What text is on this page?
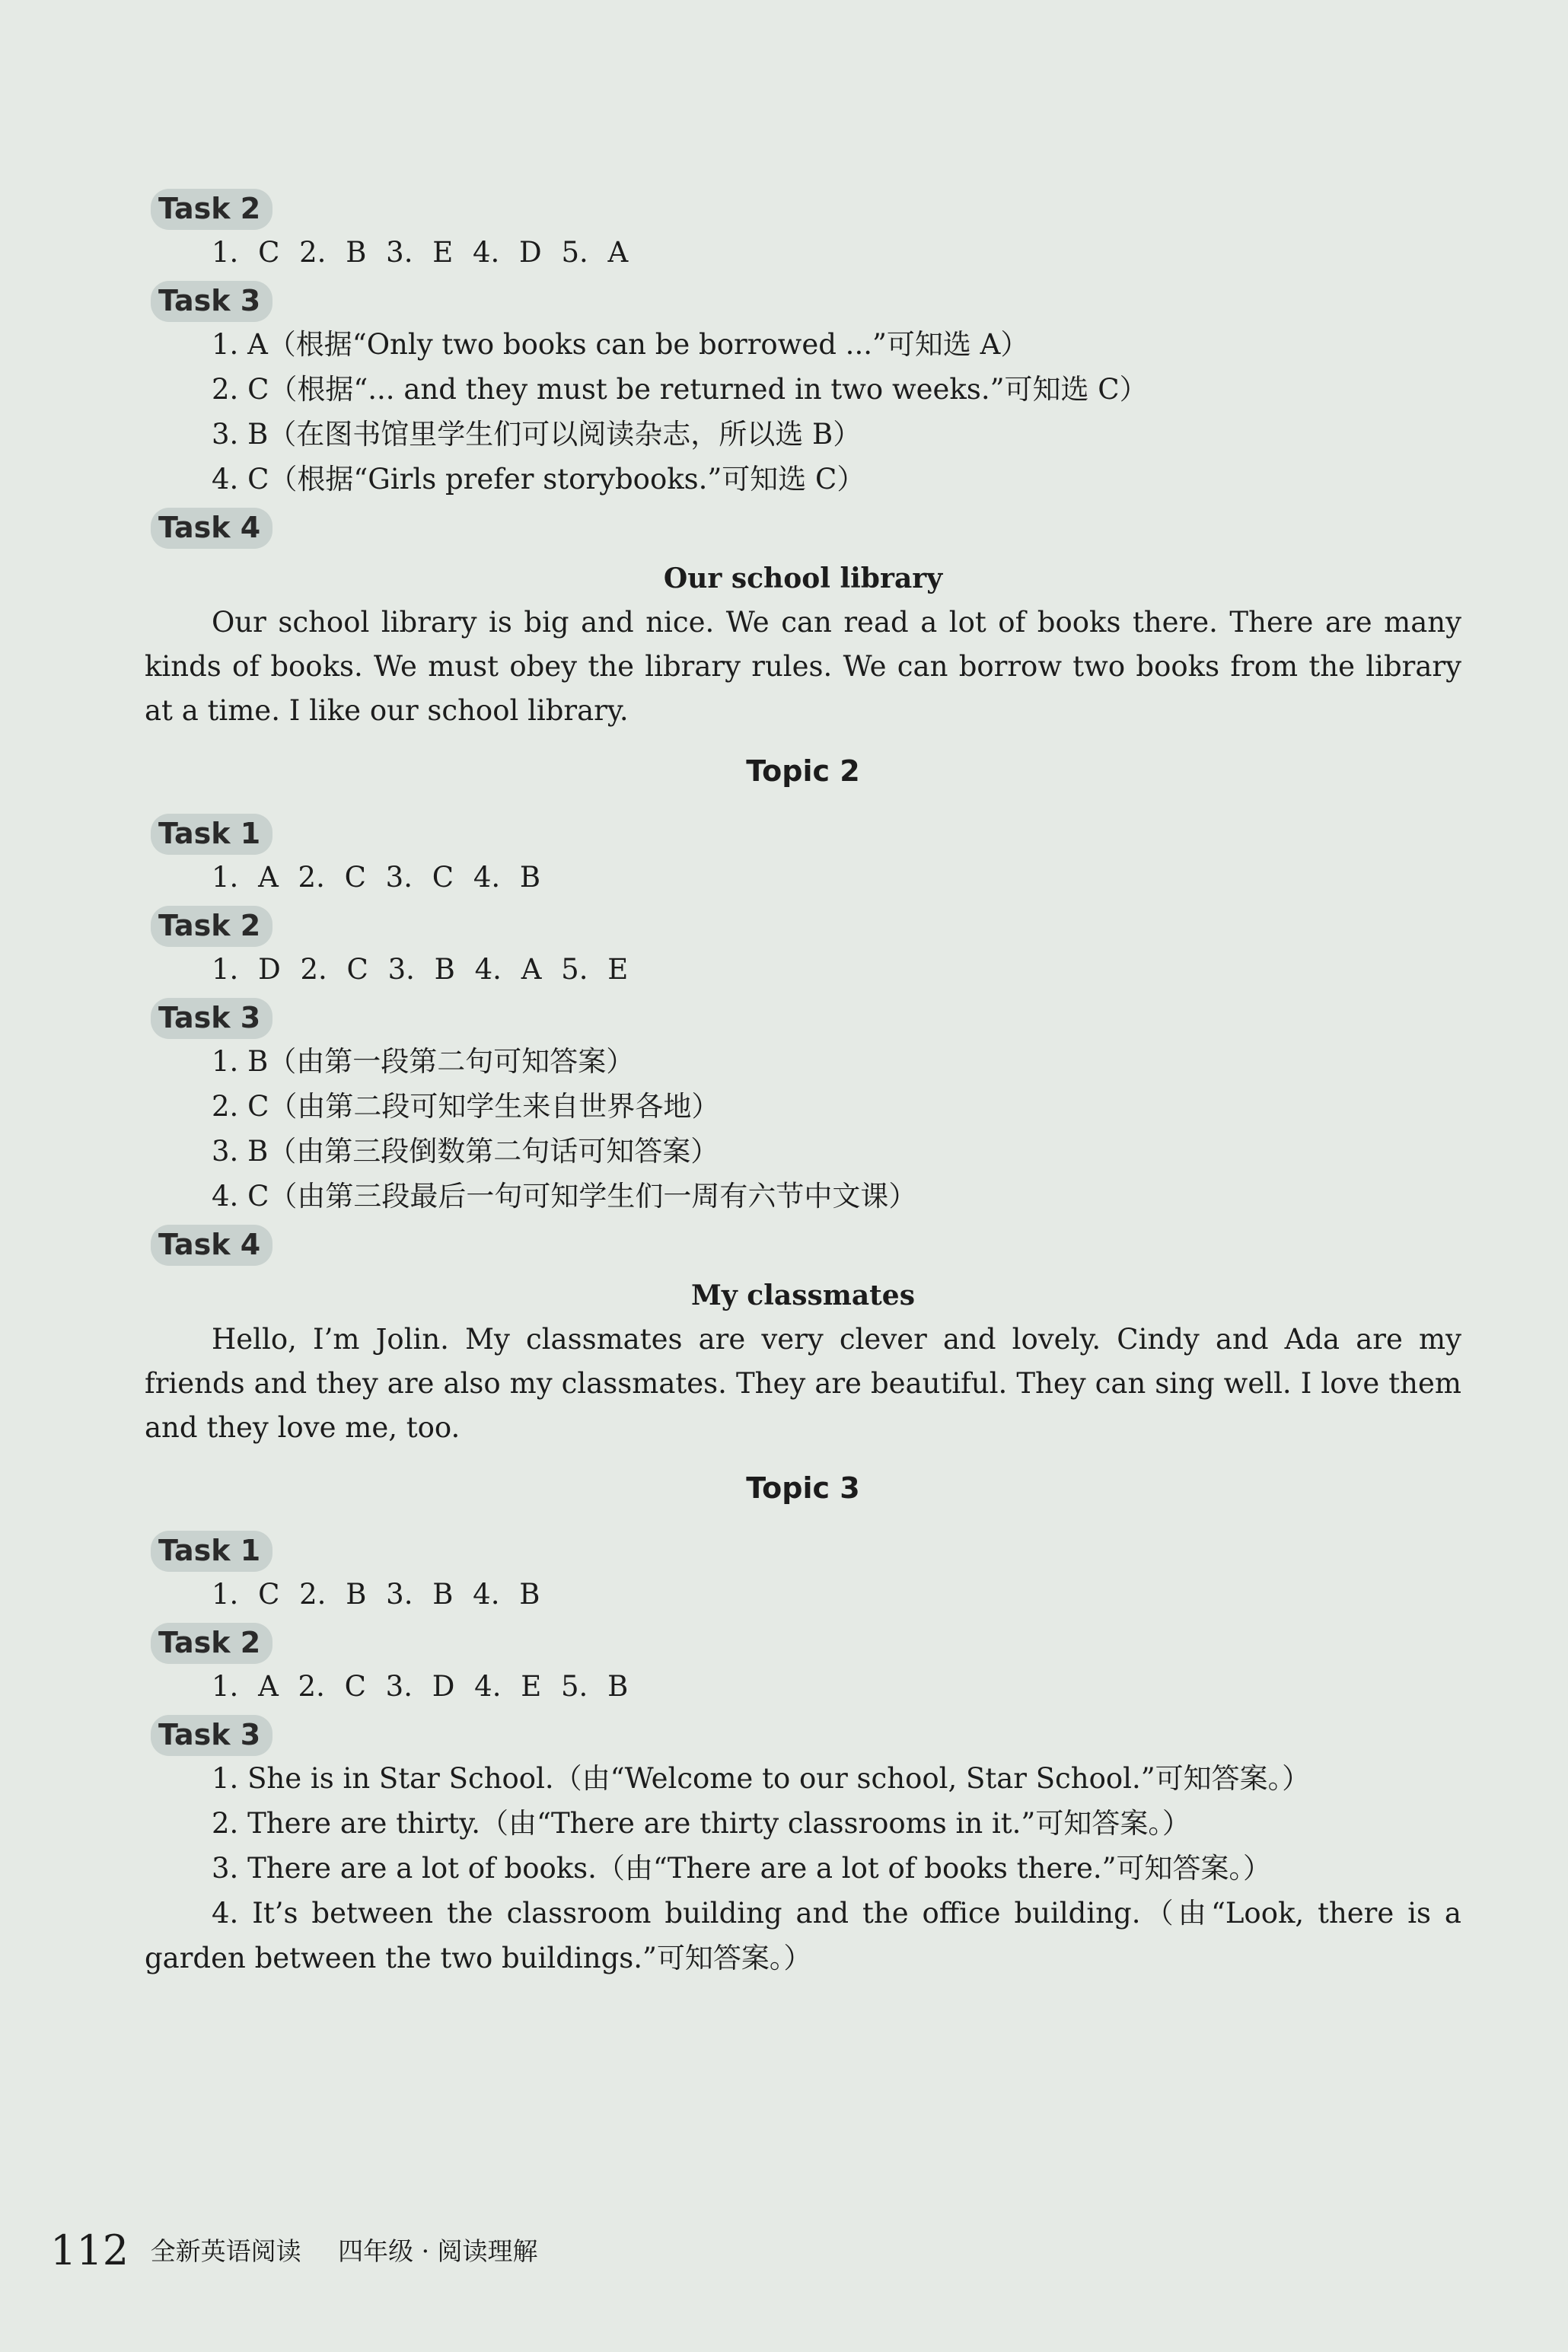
Task 2
1. C 2. B 3. E 4. D 5. A
Task 3
1. A（根据“Only two books can be borrowed ...”可知选 A）
2. C（根据“... and they must be returned in two weeks.”可知选 C）
3. B（在图书馆里学生们可以阅读杂志，所以选 B）
4. C（根据“Girls prefer storybooks.”可知选 C）
Task 4
Our school library
Our school library is big and nice. We can read a lot of books there. There are many kinds of books. We must obey the library rules. We can borrow two books from the library at a time. I like our school library.
Topic 2
Task 1
1. A 2. C 3. C 4. B
Task 2
1. D 2. C 3. B 4. A 5. E
Task 3
1. B（由第一段第二句可知答案）
2. C（由第二段可知学生来自世界各地）
3. B（由第三段倒数第二句话可知答案）
4. C（由第三段最后一句可知学生们一周有六节中文课）
Task 4
My classmates
Hello, I’m Jolin. My classmates are very clever and lovely. Cindy and Ada are my friends and they are also my classmates. They are beautiful. They can sing well. I love them and they love me, too.
Topic 3
Task 1
1. C 2. B 3. B 4. B
Task 2
1. A 2. C 3. D 4. E 5. B
Task 3
1. She is in Star School.（由“Welcome to our school, Star School.”可知答案。）
2. There are thirty.（由“There are thirty classrooms in it.”可知答案。）
3. There are a lot of books.（由“There are a lot of books there.”可知答案。）
4. It’s between the classroom building and the office building.（由“Look, there is a garden between the two buildings.”可知答案。）
112 全新英语阅读 四年级 · 阅读理解
